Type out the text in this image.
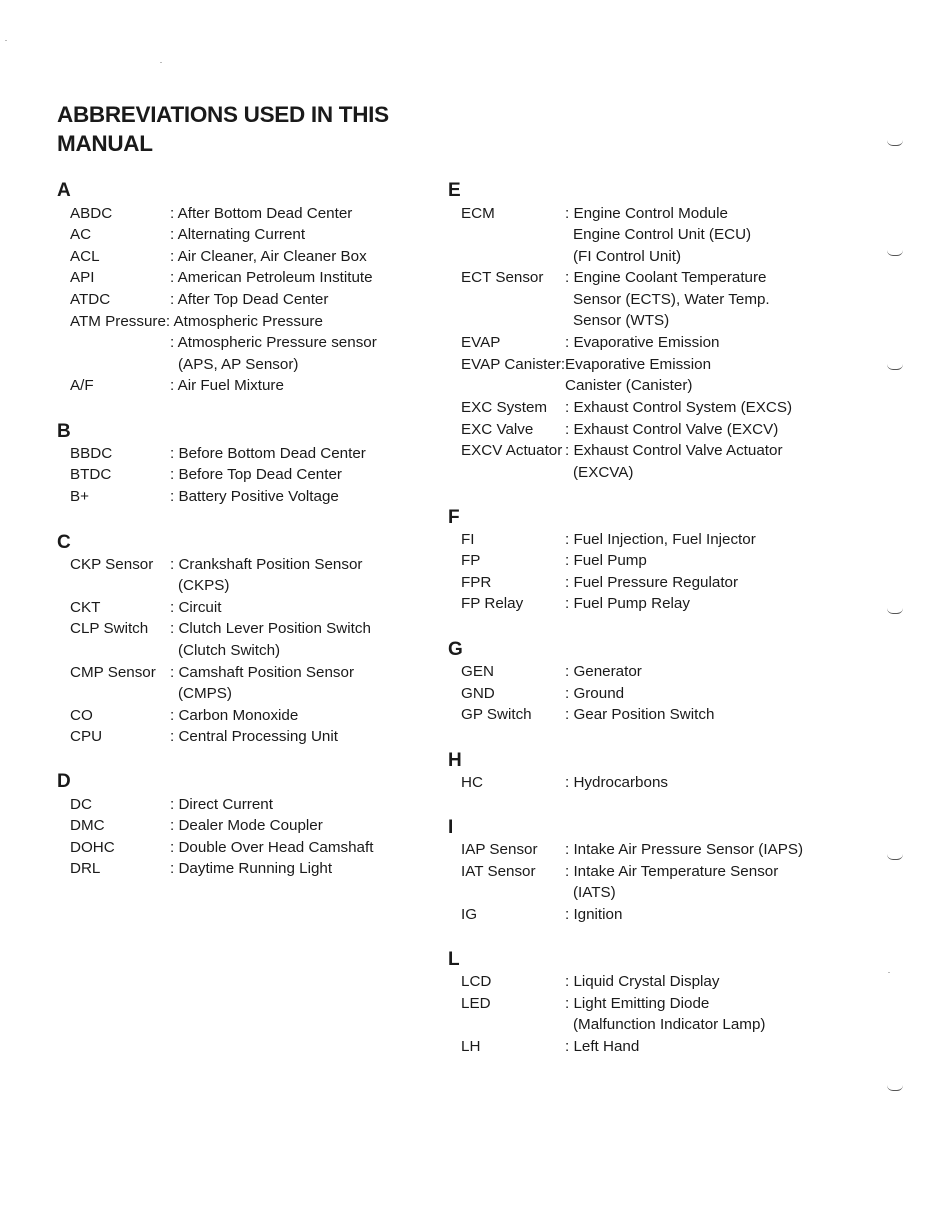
ABBREVIATIONS USED IN THIS MANUAL
A
ABDC	: After Bottom Dead Center
AC	: Alternating Current
ACL	: Air Cleaner, Air Cleaner Box
API	: American Petroleum Institute
ATDC	: After Top Dead Center
ATM Pressure: Atmospheric Pressure
: Atmospheric Pressure sensor
(APS, AP Sensor)
A/F	: Air Fuel Mixture
B
BBDC	: Before Bottom Dead Center
BTDC	: Before Top Dead Center
B+	: Battery Positive Voltage
C
CKP Sensor : Crankshaft Position Sensor
(CKPS)
CKT	: Circuit
CLP Switch : Clutch Lever Position Switch
(Clutch Switch)
CMP Sensor : Camshaft Position Sensor
(CMPS)
CO	: Carbon Monoxide
CPU	: Central Processing Unit
D
DC	: Direct Current
DMC	: Dealer Mode Coupler
DOHC	: Double Over Head Camshaft
DRL	: Daytime Running Light
E
ECM	: Engine Control Module
Engine Control Unit (ECU)
(FI Control Unit)
ECT Sensor : Engine Coolant Temperature
Sensor (ECTS), Water Temp.
Sensor (WTS)
EVAP	: Evaporative Emission
EVAP Canister: Evaporative Emission
Canister (Canister)
EXC System : Exhaust Control System (EXCS)
EXC Valve : Exhaust Control Valve (EXCV)
EXCV Actuator : Exhaust Control Valve Actuator
(EXCVA)
F
FI	: Fuel Injection, Fuel Injector
FP	: Fuel Pump
FPR	: Fuel Pressure Regulator
FP Relay	: Fuel Pump Relay
G
GEN	: Generator
GND	: Ground
GP Switch : Gear Position Switch
H
HC	: Hydrocarbons
I
IAP Sensor : Intake Air Pressure Sensor (IAPS)
IAT Sensor : Intake Air Temperature Sensor
(IATS)
IG	: Ignition
L
LCD	: Liquid Crystal Display
LED	: Light Emitting Diode
(Malfunction Indicator Lamp)
LH	: Left Hand
